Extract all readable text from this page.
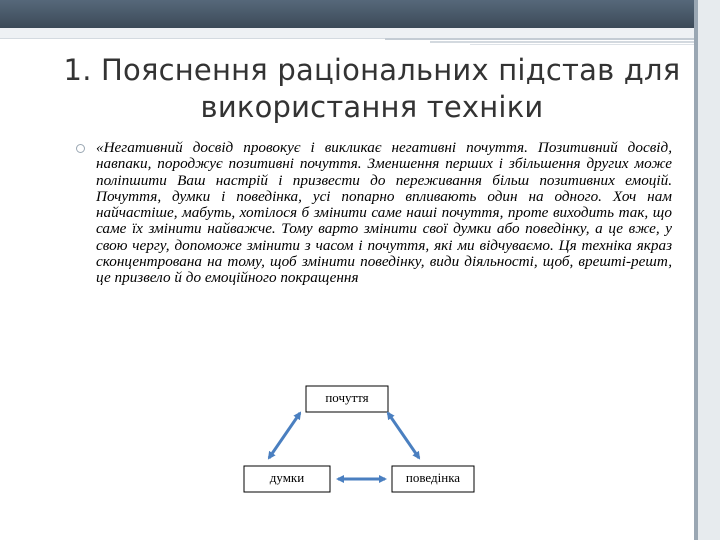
1. Пояснення раціональних підстав для використання техніки
«Негативний досвід провокує і викликає негативні почуття. Позитивний досвід, навпаки, породжує позитивні почуття. Зменшення перших і збільшення других може поліпшити Ваш настрій і призвести до переживання більш позитивних емоцій. Почуття, думки і поведінка, усі попарно впливають один на одного. Хоч нам найчастіше, мабуть, хотілося б змінити саме наші почуття, проте виходить так, що саме їх змінити найважче. Тому варто змінити свої думки або поведінку, а це вже, у свою чергу, допоможе змінити з часом і почуття, які ми відчуваємо. Ця техніка якраз сконцентрована на тому, щоб змінити поведінку, види діяльності, щоб, врешті-решт, це призвело й до емоційного покращення
почуття
думки	поведінка
